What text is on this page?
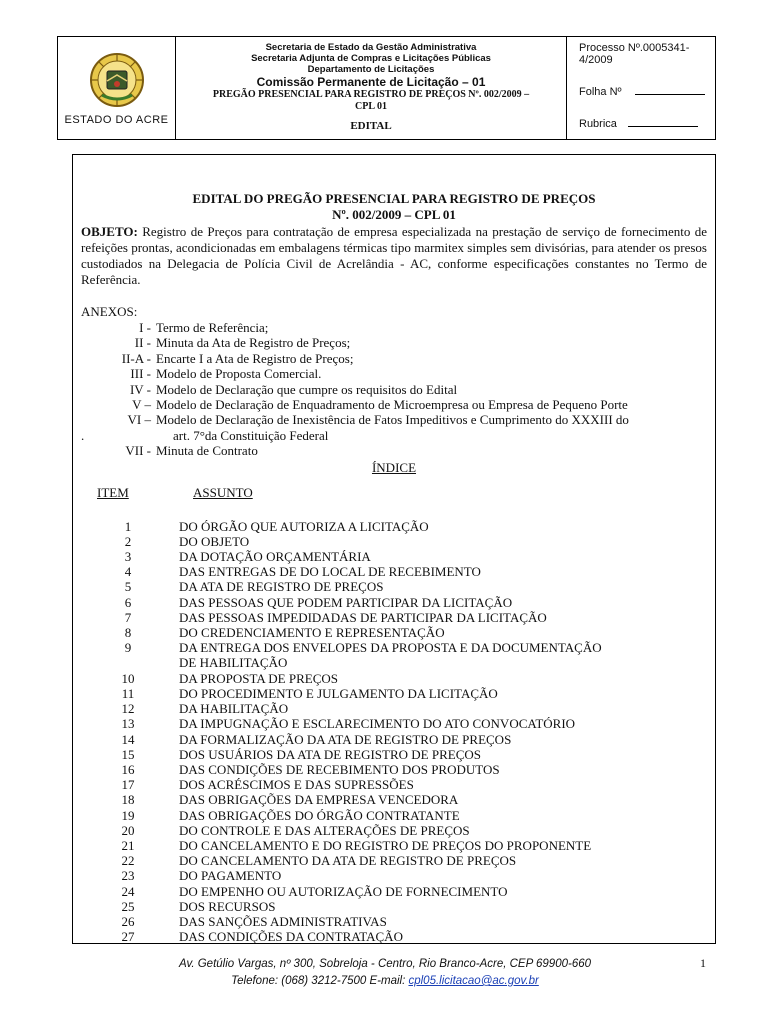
ESTADO DO ACRE
Secretaria de Estado da Gestão Administrativa
Secretaria Adjunta de Compras e Licitações Públicas
Departamento de Licitações
Comissão Permanente de Licitação – 01
PREGÃO PRESENCIAL PARA REGISTRO DE PREÇOS Nº. 002/2009 –
CPL 01
EDITAL
Processo Nº.0005341-4/2009
Folha Nº
Rubrica
EDITAL DO PREGÃO PRESENCIAL PARA REGISTRO DE PREÇOS
Nº. 002/2009 – CPL 01
OBJETO: Registro de Preços para contratação de empresa especializada na prestação de serviço de fornecimento de refeições prontas, acondicionadas em embalagens térmicas tipo marmitex simples sem divisórias, para atender os presos custodiados na Delegacia de Polícia Civil de Acrelândia - AC, conforme especificações constantes no Termo de Referência.
ANEXOS:
I - Termo de Referência;
II - Minuta da Ata de Registro de Preços;
II-A - Encarte I a Ata de Registro de Preços;
III - Modelo de Proposta Comercial.
IV - Modelo de Declaração que cumpre os requisitos do Edital
V – Modelo de Declaração de Enquadramento de Microempresa ou Empresa de Pequeno Porte
VI – Modelo de Declaração de Inexistência de Fatos Impeditivos e Cumprimento do XXXIII do
.	art. 7°da Constituição Federal
VII - Minuta de Contrato
ÍNDICE
ITEM	ASSUNTO
1	DO ÓRGÃO QUE AUTORIZA A LICITAÇÃO
2	DO OBJETO
3	DA DOTAÇÃO ORÇAMENTÁRIA
4	DAS ENTREGAS DE DO LOCAL DE RECEBIMENTO
5	DA ATA DE REGISTRO DE PREÇOS
6	DAS PESSOAS QUE PODEM PARTICIPAR DA LICITAÇÃO
7	DAS PESSOAS IMPEDIDADAS DE PARTICIPAR DA LICITAÇÃO
8	DO CREDENCIAMENTO E REPRESENTAÇÃO
9	DA ENTREGA DOS ENVELOPES DA PROPOSTA E DA DOCUMENTAÇÃO
DE HABILITAÇÃO
10	DA PROPOSTA DE PREÇOS
11	DO PROCEDIMENTO E JULGAMENTO DA LICITAÇÃO
12	DA HABILITAÇÃO
13	DA IMPUGNAÇÃO E ESCLARECIMENTO DO ATO CONVOCATÓRIO
14	DA FORMALIZAÇÃO DA ATA DE REGISTRO DE PREÇOS
15	DOS USUÁRIOS DA ATA DE REGISTRO DE PREÇOS
16	DAS CONDIÇÕES DE RECEBIMENTO DOS PRODUTOS
17	DOS ACRÉSCIMOS E DAS SUPRESSÕES
18	DAS OBRIGAÇÕES DA EMPRESA VENCEDORA
19	DAS OBRIGAÇÕES DO ÓRGÃO CONTRATANTE
20	DO CONTROLE E DAS ALTERAÇÕES DE PREÇOS
21	DO CANCELAMENTO E DO REGISTRO DE PREÇOS DO PROPONENTE
22	DO CANCELAMENTO DA ATA DE REGISTRO DE PREÇOS
23	DO PAGAMENTO
24	DO EMPENHO OU AUTORIZAÇÃO DE FORNECIMENTO
25	DOS RECURSOS
26	DAS SANÇÕES ADMINISTRATIVAS
27	DAS CONDIÇÕES DA CONTRATAÇÃO
Av. Getúlio Vargas, nº 300, Sobreloja - Centro, Rio Branco-Acre, CEP 69900-660
Telefone: (068) 3212-7500 E-mail: cpl05.licitacao@ac.gov.br
1
